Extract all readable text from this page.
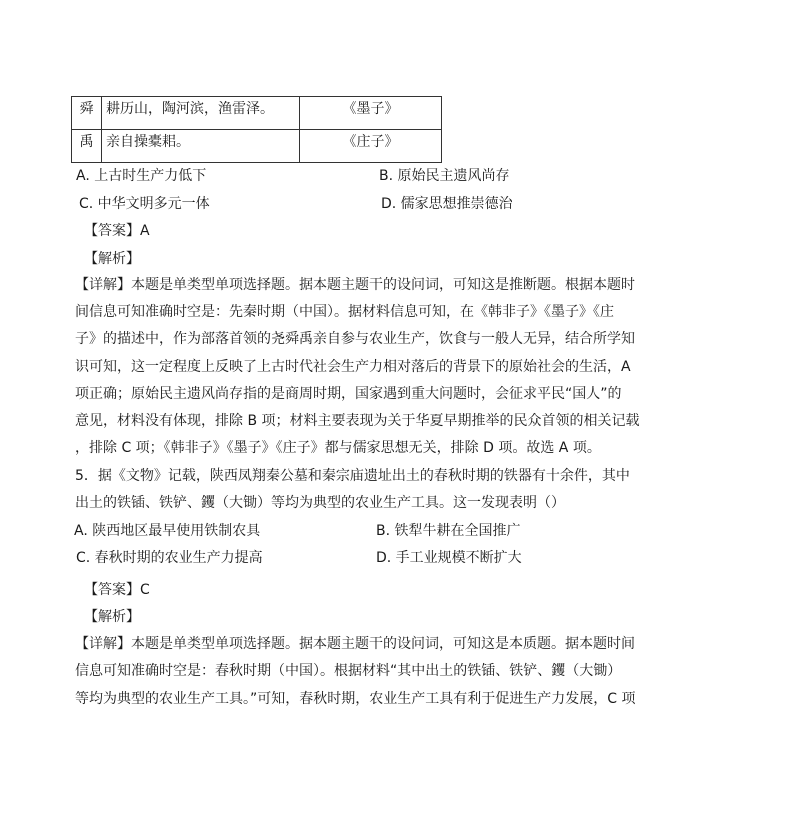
舜	耕历山，陶河滨，渔雷泽。	《墨子》
禹	亲自操橐耜。	《庄子》
A. 上古时生产力低下	B. 原始民主遗风尚存
C. 中华文明多元一体	D. 儒家思想推崇德治
【答案】A
【解析】
【详解】本题是单类型单项选择题。据本题主题干的设问词，可知这是推断题。根据本题时
间信息可知准确时空是：先秦时期（中国）。据材料信息可知，在《韩非子》《墨子》《庄
子》的描述中，作为部落首领的尧舜禹亲自参与农业生产，饮食与一般人无异，结合所学知
识可知，这一定程度上反映了上古时代社会生产力相对落后的背景下的原始社会的生活，A
项正确；原始民主遗风尚存指的是商周时期，国家遇到重大问题时，会征求平民“国人”的
意见，材料没有体现，排除 B 项；材料主要表现为关于华夏早期推举的民众首领的相关记载
，排除 C 项；《韩非子》《墨子》《庄子》都与儒家思想无关，排除 D 项。故选 A 项。
5．据《文物》记载，陕西凤翔秦公墓和秦宗庙遗址出土的春秋时期的铁器有十余件，其中
出土的铁锸、铁铲、钁（大锄）等均为典型的农业生产工具。这一发现表明（）
A. 陕西地区最早使用铁制农具	B. 铁犁牛耕在全国推广
C. 春秋时期的农业生产力提高	D. 手工业规模不断扩大
【答案】C
【解析】
【详解】本题是单类型单项选择题。据本题主题干的设问词，可知这是本质题。据本题时间
信息可知准确时空是：春秋时期（中国）。根据材料“其中出土的铁锸、铁铲、钁（大锄）
等均为典型的农业生产工具。”可知，春秋时期，农业生产工具有利于促进生产力发展，C 项
